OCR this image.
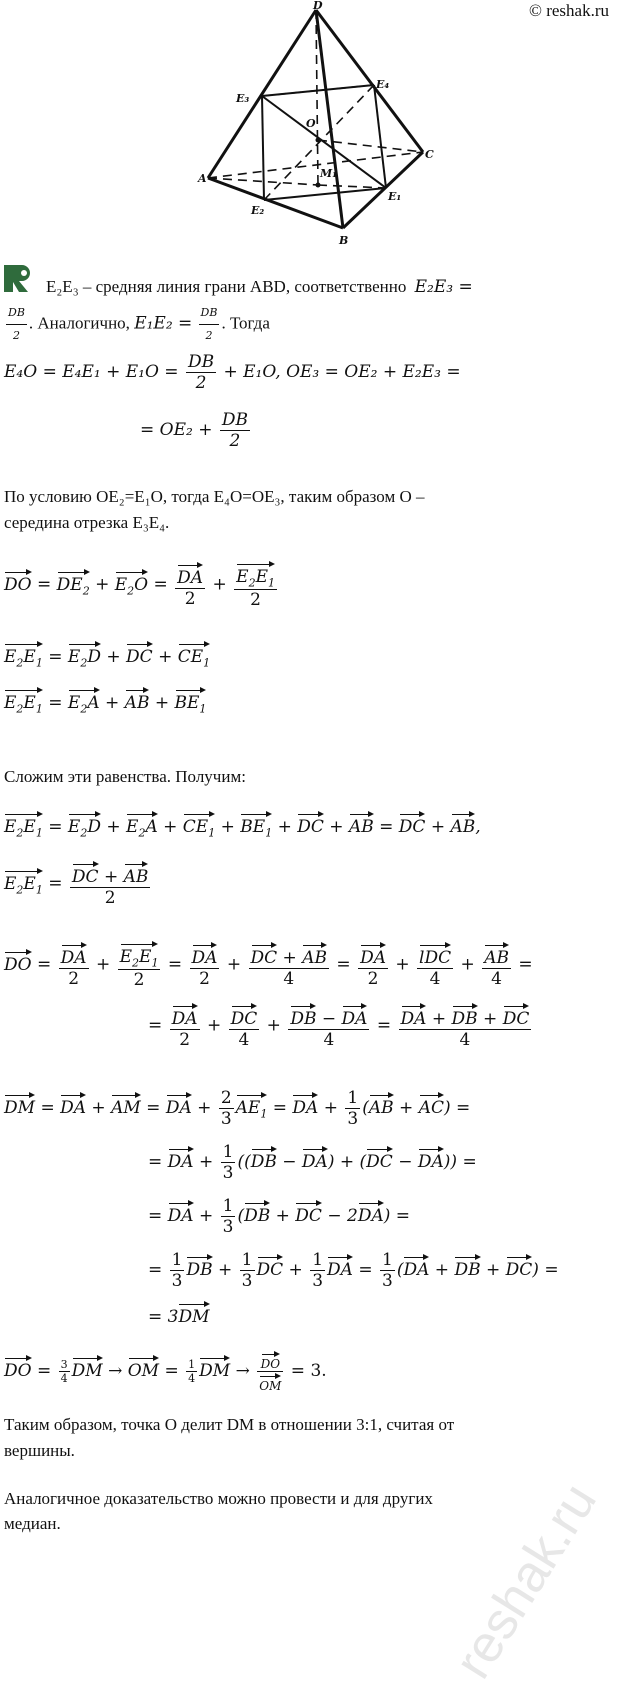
© reshak.ru
D
E₃
E₄
O
C
M₁
A
E₂
E₁
B
E₂E₃ – средняя линия грани ABD, соответственно E₂E₃ =
$\frac{DB}{2}$ . Аналогично, $E_1E_2 = \frac{DB}{2}$ . Тогда
$E_4O = E_4E_1 + E_1O = \frac{DB}{2} + E_1O$, OE₃ = OE₂ + E₂E₃ =
= $OE_2 + \frac{DB}{2}$
По условию OE₂=E₁O, тогда E₄O=OE₃, таким образом O –
середина отрезка E₃E₄.
DO = $DE_2 + E_2O = \frac{DA}{2} + \frac{E_2E_1}{2}$
$E_2E_1 = E_2D$ + DC + $CE_1$
$E_2E_1 = E_2A$ + AB + $BE_1$
Сложим эти равенства. Получим:
$E_2E_1 = E_2D + E_2A + CE_1 + BE_1$ + DC + AB = DC + AB,
$E_2E_1 = \frac{DC + AB}{2}$
DO = $\frac{DA}{2} + \frac{E_2E_1}{2} = \frac{DA}{2} + \frac{DC + AB}{4} = \frac{DA}{2} + \frac{\text{lDC}}{4} + \frac{AB}{4}$ =
= $\frac{DA}{2} + \frac{DC}{4} + \frac{DB - DA}{4} = \frac{DA + DB + DC}{4}$
DM = DA + AM = DA + $\frac{2}{3} AE_1$ = DA + $\frac{1}{3} (AB + AC)$ =
= DA + $\frac{1}{3} ((DB - DA) + (DC - DA))$ =
= DA + $\frac{1}{3} (DB$ + DC − 2DA) =
= $\frac{1}{3}$ DB + $\frac{1}{3}$ DC + $\frac{1}{3}$ DA = $\frac{1}{3} (DA$ + DB + DC) =
= 3DM
DO = $\frac{3}{4}$ DM → OM = $\frac{1}{4}$ DM → $\frac{DO}{OM} = 3$.
Таким образом, точка O делит DM в отношении 3:1, считая от
вершины.
Аналогичное доказательство можно провести и для других
медиан.	reshak.ru
